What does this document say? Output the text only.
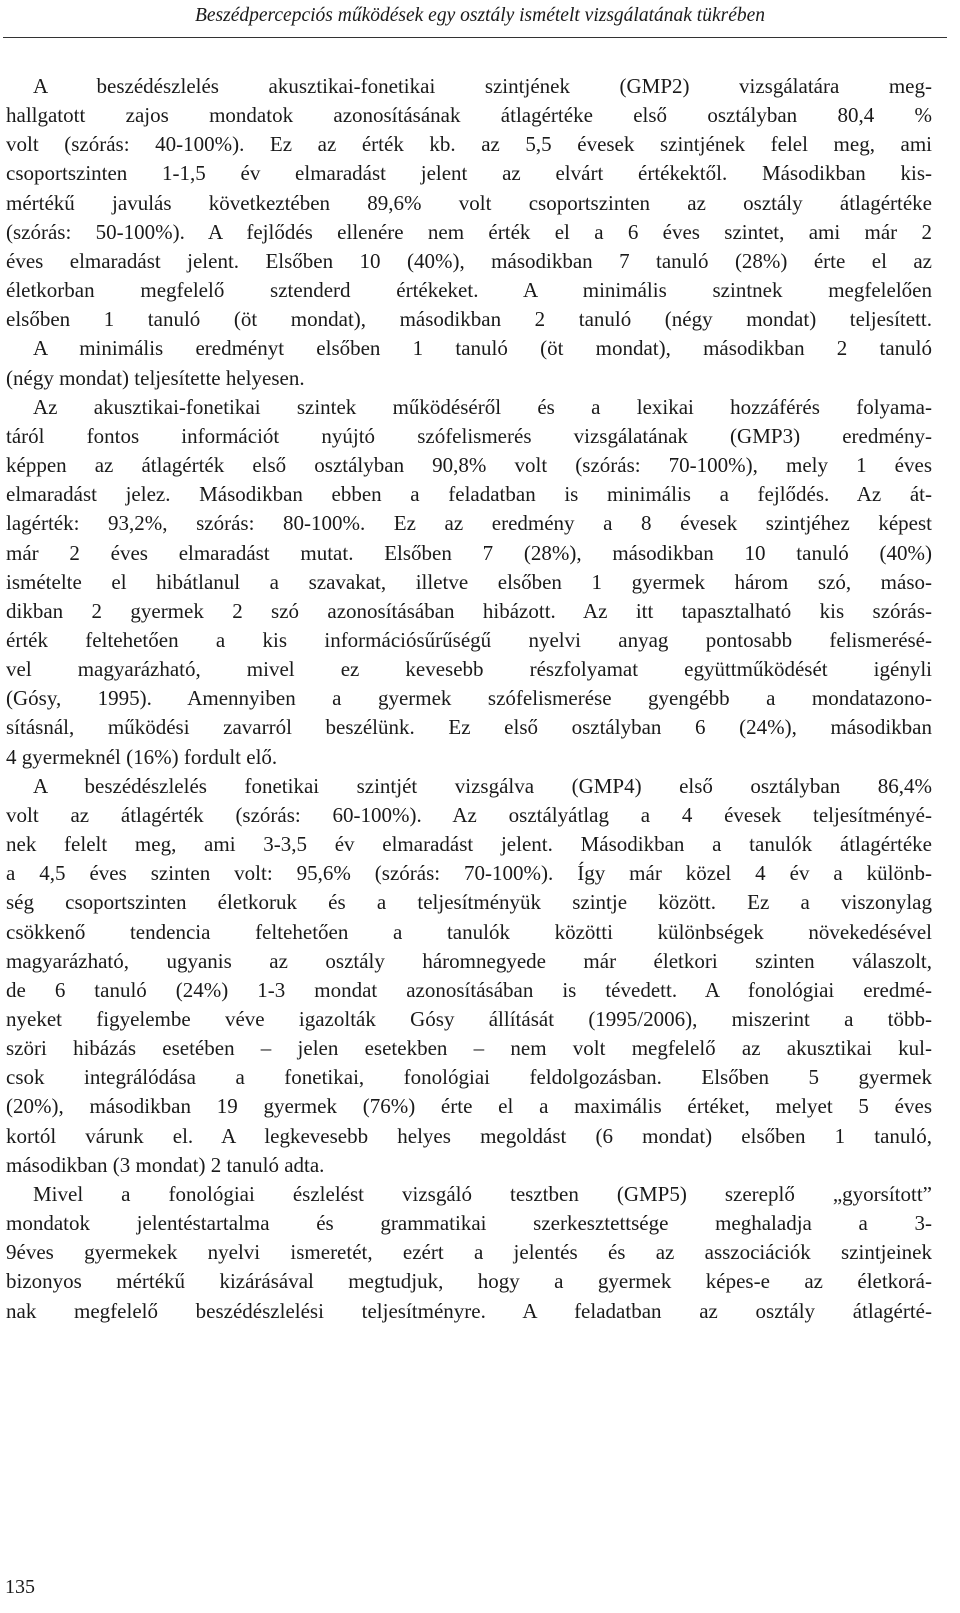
Beszédpercepciós működések egy osztály ismételt vizsgálatának tükrében

A beszédészlelés akusztikai-fonetikai szintjének (GMP2) vizsgálatára meg-

hallgatott zajos mondatok azonosításának átlagértéke első osztályban 80,4 %

volt (szórás: 40-100%). Ez az érték kb. az 5,5 évesek szintjének felel meg, ami

csoportszinten 1-1,5 év elmaradást jelent az elvárt értékektől. Másodikban kis-

mértékű javulás következtében 89,6% volt csoportszinten az osztály átlagértéke

(szórás: 50-100%). A fejlődés ellenére nem érték el a 6 éves szintet, ami már 2

éves elmaradást jelent. Elsőben 10 (40%), másodikban 7 tanuló (28%) érte el az

életkorban megfelelő sztenderd értékeket. A minimális szintnek megfelelően

elsőben 1 tanuló (öt mondat), másodikban 2 tanuló (négy mondat) teljesített.

A minimális eredményt elsőben 1 tanuló (öt mondat), másodikban 2 tanuló

(négy mondat) teljesítette helyesen.

Az akusztikai-fonetikai szintek működéséről és a lexikai hozzáférés folyama-

táról fontos információt nyújtó szófelismerés vizsgálatának (GMP3) eredmény-

képpen az átlagérték első osztályban 90,8% volt (szórás: 70-100%), mely 1 éves

elmaradást jelez. Másodikban ebben a feladatban is minimális a fejlődés. Az át-

lagérték: 93,2%, szórás: 80-100%. Ez az eredmény a 8 évesek szintjéhez képest

már 2 éves elmaradást mutat. Elsőben 7 (28%), másodikban 10 tanuló (40%)

ismételte el hibátlanul a szavakat, illetve elsőben 1 gyermek három szó, máso-

dikban 2 gyermek 2 szó azonosításában hibázott. Az itt tapasztalható kis szórás-

érték feltehetően a kis információsűrűségű nyelvi anyag pontosabb felismerésé-

vel magyarázható, mivel ez kevesebb részfolyamat együttműködését igényli

(Gósy, 1995). Amennyiben a gyermek szófelismerése gyengébb a mondatazono-

sításnál, működési zavarról beszélünk. Ez első osztályban 6 (24%), másodikban

4 gyermeknél (16%) fordult elő.

A beszédészlelés fonetikai szintjét vizsgálva (GMP4) első osztályban 86,4%

volt az átlagérték (szórás: 60-100%). Az osztályátlag a 4 évesek teljesítményé-

nek felelt meg, ami 3-3,5 év elmaradást jelent. Másodikban a tanulók átlagértéke

a 4,5 éves szinten volt: 95,6% (szórás: 70-100%). Így már közel 4 év a különb-

ség csoportszinten életkoruk és a teljesítményük szintje között. Ez a viszonylag

csökkenő tendencia feltehetően a tanulók közötti különbségek növekedésével

magyarázható, ugyanis az osztály háromnegyede már életkori szinten válaszolt,

de 6 tanuló (24%) 1-3 mondat azonosításában is tévedett. A fonológiai eredmé-

nyeket figyelembe véve igazolták Gósy állítását (1995/2006), miszerint a több-

szöri hibázás esetében – jelen esetekben – nem volt megfelelő az akusztikai kul-

csok integrálódása a fonetikai, fonológiai feldolgozásban. Elsőben 5 gyermek

(20%), másodikban 19 gyermek (76%) érte el a maximális értéket, melyet 5 éves

kortól várunk el. A legkevesebb helyes megoldást (6 mondat) elsőben 1 tanuló,

másodikban (3 mondat) 2 tanuló adta.

Mivel a fonológiai észlelést vizsgáló tesztben (GMP5) szereplő „gyorsított”

mondatok jelentéstartalma és grammatikai szerkesztettsége meghaladja a 3-

9éves gyermekek nyelvi ismeretét, ezért a jelentés és az asszociációk szintjeinek

bizonyos mértékű kizárásával megtudjuk, hogy a gyermek képes-e az életkorá-

nak megfelelő beszédészlelési teljesítményre. A feladatban az osztály átlagérté-

135
